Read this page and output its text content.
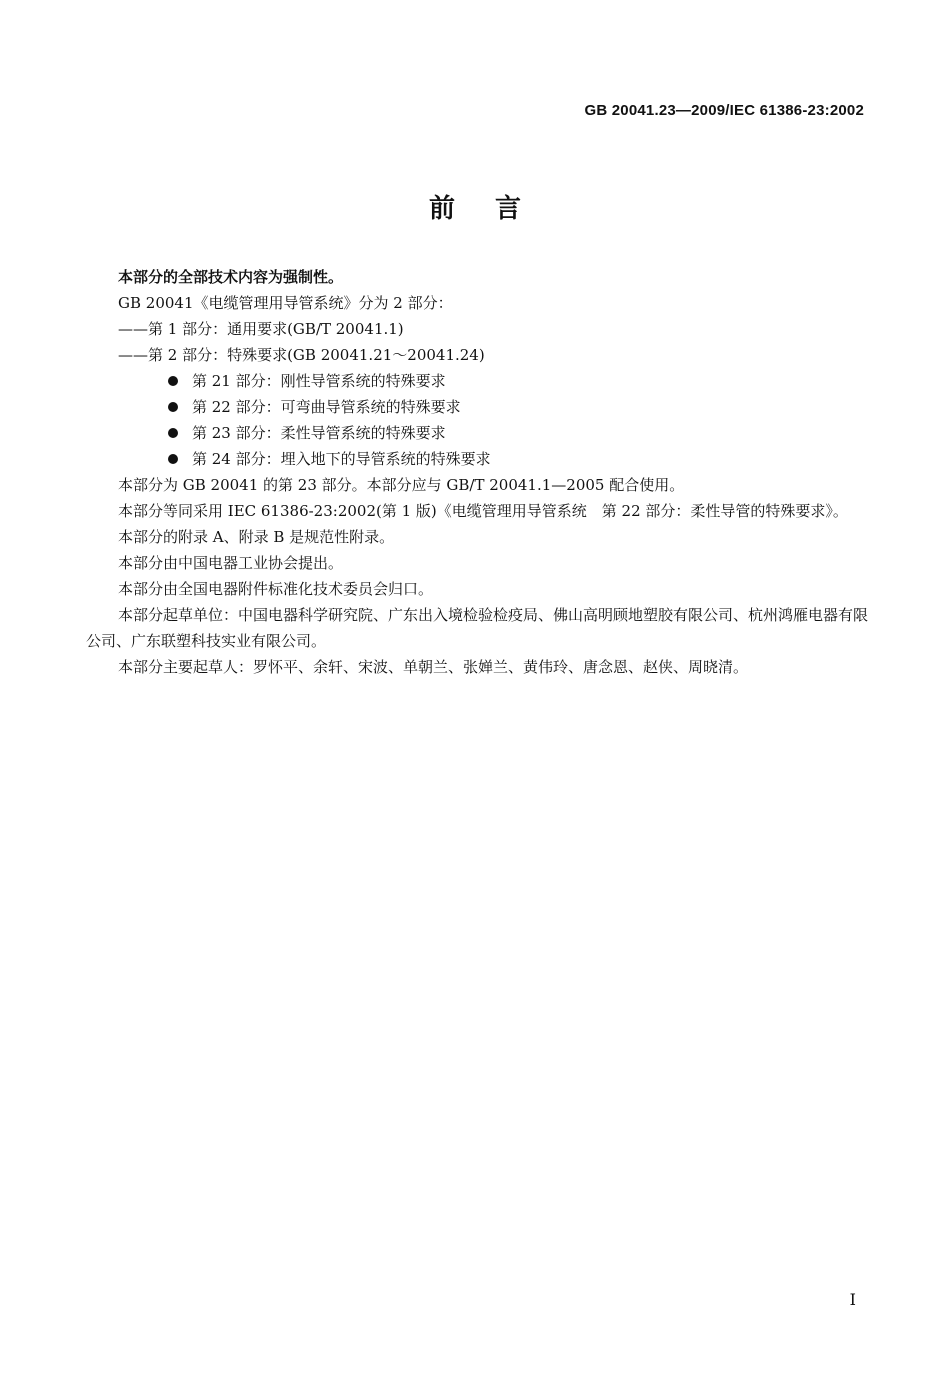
GB 20041.23—2009/IEC 61386-23:2002
前 言

本部分的全部技术内容为强制性。

GB 20041《电缆管理用导管系统》分为 2 部分：

——第 1 部分：通用要求(GB/T 20041.1)

——第 2 部分：特殊要求(GB 20041.21～20041.24)

第 21 部分：刚性导管系统的特殊要求
第 22 部分：可弯曲导管系统的特殊要求
第 23 部分：柔性导管系统的特殊要求
第 24 部分：埋入地下的导管系统的特殊要求

本部分为 GB 20041 的第 23 部分。本部分应与 GB/T 20041.1—2005 配合使用。

本部分等同采用 IEC 61386-23:2002(第 1 版)《电缆管理用导管系统　第 22 部分：柔性导管的特殊要求》。

本部分的附录 A、附录 B 是规范性附录。

本部分由中国电器工业协会提出。

本部分由全国电器附件标准化技术委员会归口。

本部分起草单位：中国电器科学研究院、广东出入境检验检疫局、佛山高明顾地塑胶有限公司、杭州鸿雁电器有限公司、广东联塑科技实业有限公司。

本部分主要起草人：罗怀平、余轩、宋波、单朝兰、张婵兰、黄伟玲、唐念恩、赵侠、周晓清。

I
